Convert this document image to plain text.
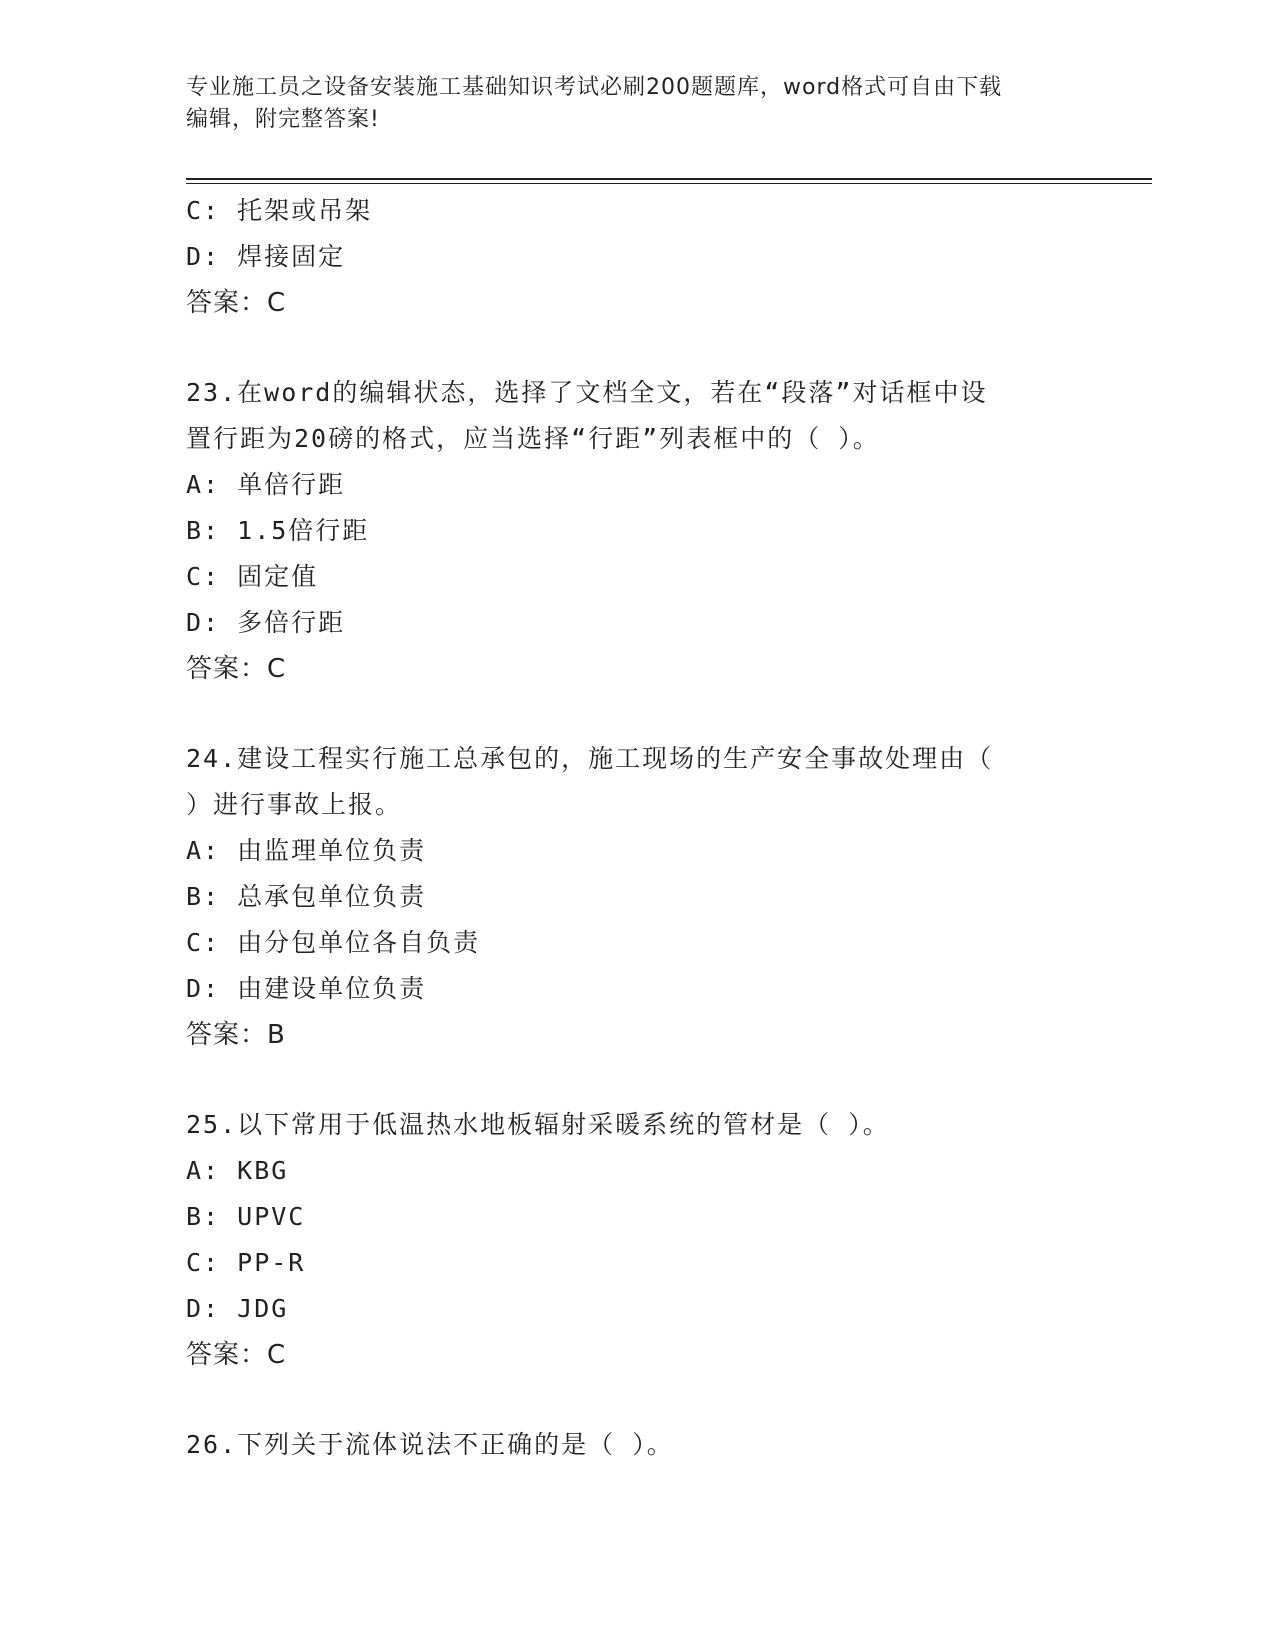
专业施工员之设备安装施工基础知识考试必刷200题题库，word格式可自由下载
编辑，附完整答案!
C: 托架或吊架
D: 焊接固定
答案：C
23.在word的编辑状态，选择了文档全文，若在“段落”对话框中设
置行距为20磅的格式，应当选择“行距”列表框中的（ ）。
A: 单倍行距
B: 1.5倍行距
C: 固定值
D: 多倍行距
答案：C
24.建设工程实行施工总承包的，施工现场的生产安全事故处理由（
）进行事故上报。
A: 由监理单位负责
B: 总承包单位负责
C: 由分包单位各自负责
D: 由建设单位负责
答案：B
25.以下常用于低温热水地板辐射采暖系统的管材是（ ）。
A: KBG
B: UPVC
C: PP-R
D: JDG
答案：C
26.下列关于流体说法不正确的是（ ）。
